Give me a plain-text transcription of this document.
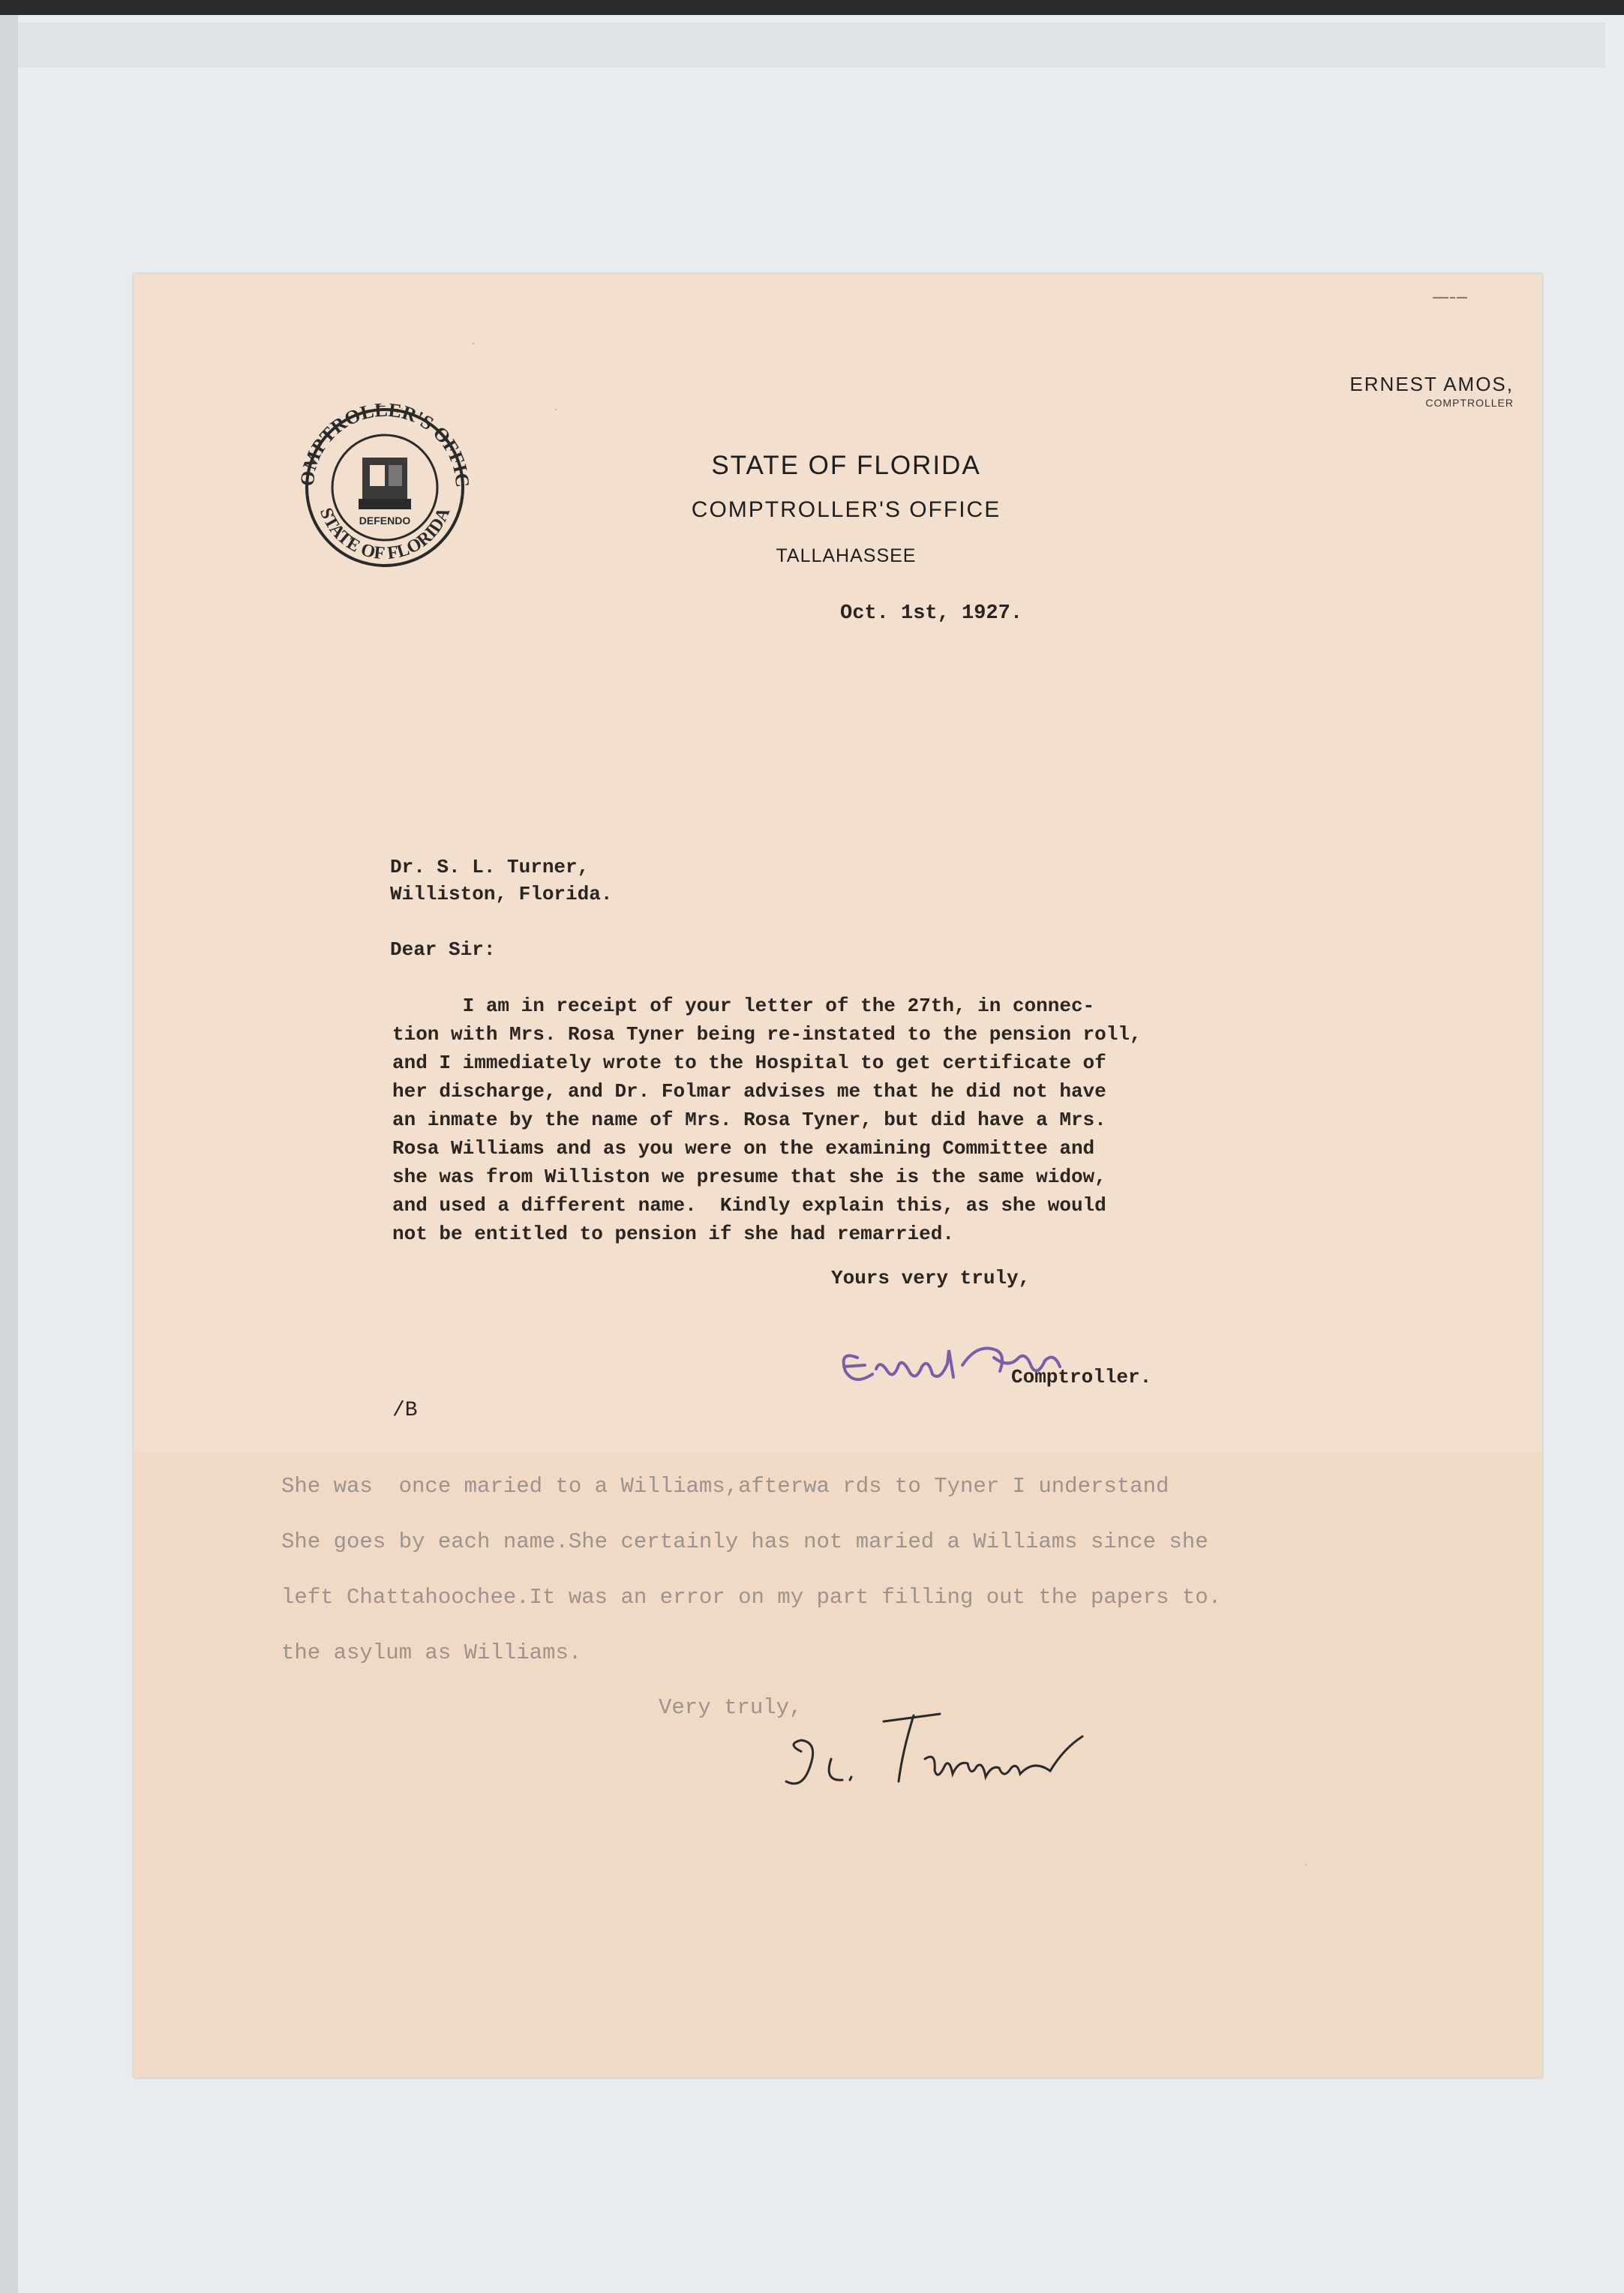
▬▬▬ ▬ ▬▬
OMPTROLLER'S OFFIC
STATE OF FLORIDA
DEFENDO
ERNEST AMOS,
COMPTROLLER
STATE OF FLORIDA
COMPTROLLER'S OFFICE
TALLAHASSEE
Oct. 1st, 1927.
Dr. S. L. Turner,
Williston, Florida.
Dear Sir:
I am in receipt of your letter of the 27th, in connec-
tion with Mrs. Rosa Tyner being re-instated to the pension roll,
and I immediately wrote to the Hospital to get certificate of
her discharge, and Dr. Folmar advises me that he did not have
an inmate by the name of Mrs. Rosa Tyner, but did have a Mrs.
Rosa Williams and as you were on the examining Committee and
she was from Williston we presume that she is the same widow,
and used a different name.  Kindly explain this, as she would
not be entitled to pension if she had remarried.
Yours very truly,
Comptroller.
/B
She was  once maried to a Williams,afterwa rds to Tyner I understand
She goes by each name.She certainly has not maried a Williams since she
left Chattahoochee.It was an error on my part filling out the papers to.
the asylum as Williams.
Very truly,
·
·
·
